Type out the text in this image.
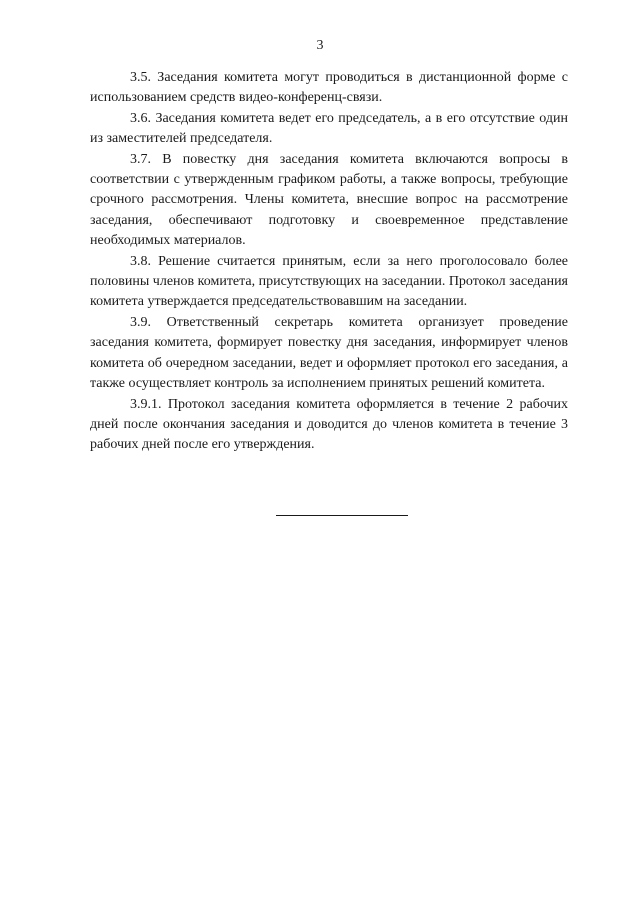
3

3.5. Заседания комитета могут проводиться в дистанционной форме с использованием средств видео-конференц-связи.

3.6. Заседания комитета ведет его председатель, а в его отсутствие один из заместителей председателя.

3.7. В повестку дня заседания комитета включаются вопросы в соответствии с утвержденным графиком работы, а также вопросы, требующие срочного рассмотрения. Члены комитета, внесшие вопрос на рассмотрение заседания, обеспечивают подготовку и своевременное представление необходимых материалов.

3.8. Решение считается принятым, если за него проголосовало более половины членов комитета, присутствующих на заседании. Протокол заседания комитета утверждается председательствовавшим на заседании.

3.9. Ответственный секретарь комитета организует проведение заседания комитета, формирует повестку дня заседания, информирует членов комитета об очередном заседании, ведет и оформляет протокол его заседания, а также осуществляет контроль за исполнением принятых решений комитета.

3.9.1. Протокол заседания комитета оформляется в течение 2 рабочих дней после окончания заседания и доводится до членов комитета в течение 3 рабочих дней после его утверждения.
